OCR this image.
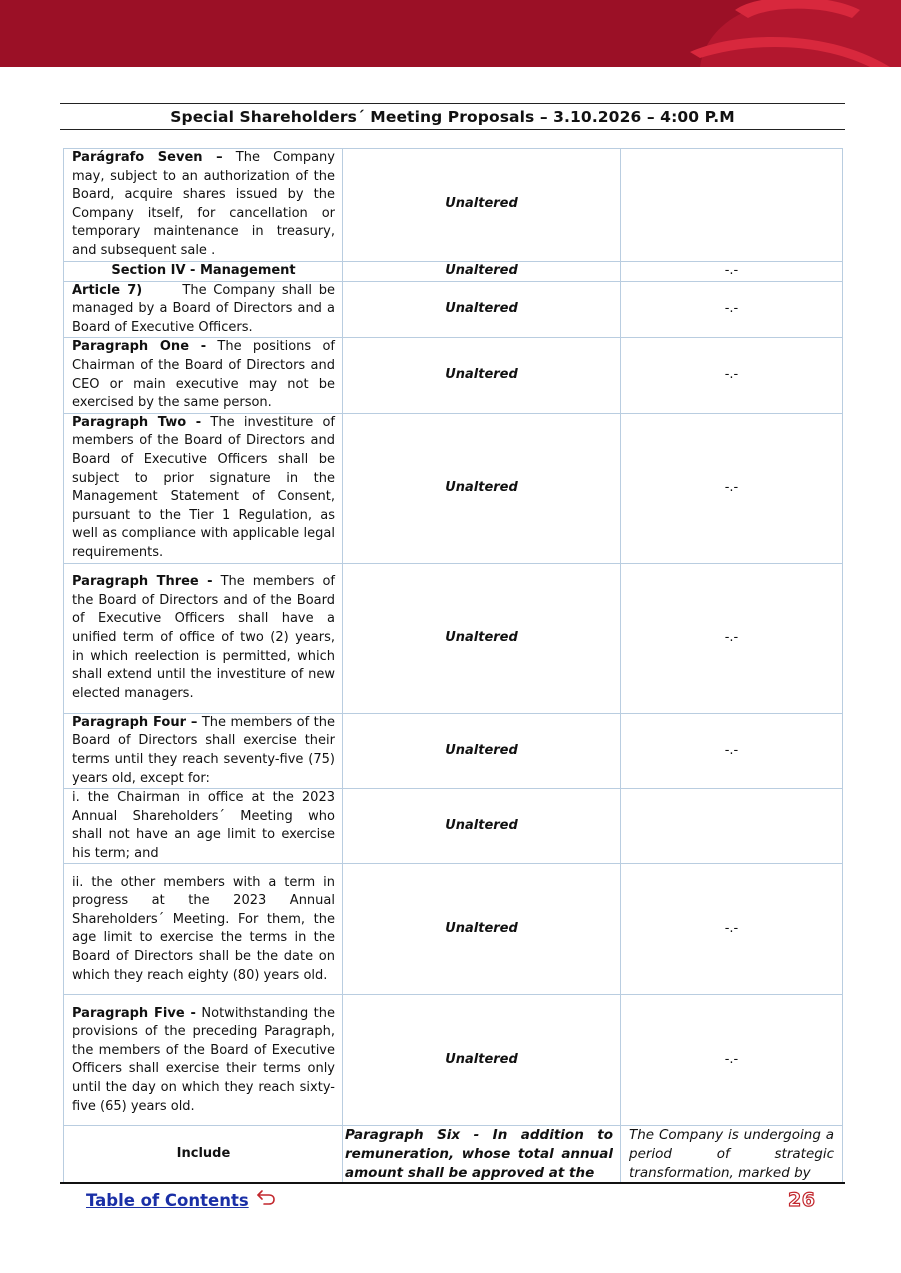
Special Shareholders´ Meeting Proposals – 3.10.2026 – 4:00 P.M
Parágrafo Seven – The Company may, subject to an authorization of the Board, acquire shares issued by the Company itself, for cancellation or temporary maintenance in treasury, and subsequent sale .	Unaltered	
Section IV - Management	Unaltered	-.-
Article 7)      The Company shall be managed by a Board of Directors and a Board of Executive Officers.	Unaltered	-.-
Paragraph One - The positions of Chairman of the Board of Directors and CEO or main executive may not be exercised by the same person.	Unaltered	-.-
Paragraph Two - The investiture of members of the Board of Directors and Board of Executive Officers shall be subject to prior signature in the Management Statement of Consent, pursuant to the Tier 1 Regulation, as well as compliance with applicable legal requirements.	Unaltered	-.-
Paragraph Three - The members of the Board of Directors and of the Board of Executive Officers shall have a unified term of office of two (2) years, in which reelection is permitted, which shall extend until the investiture of new elected managers.	Unaltered	-.-
Paragraph Four – The members of the Board of Directors shall exercise their terms until they reach seventy-five (75) years old, except for:	Unaltered	-.-
i. the Chairman in office at the 2023 Annual Shareholders´ Meeting who shall not have an age limit to exercise his term; and	Unaltered	
ii. the other members with a term in progress at the 2023 Annual Shareholders´ Meeting. For them, the age limit to exercise the terms in the Board of Directors shall be the date on which they reach eighty (80) years old.	Unaltered	-.-
Paragraph Five - Notwithstanding the provisions of the preceding Paragraph, the members of the Board of Executive Officers shall exercise their terms only until the day on which they reach sixty-five (65) years old.	Unaltered	-.-
Include	Paragraph Six - In addition to remuneration, whose total annual amount shall be approved at the	The Company is undergoing a period of strategic transformation, marked by
Table of Contents	26
